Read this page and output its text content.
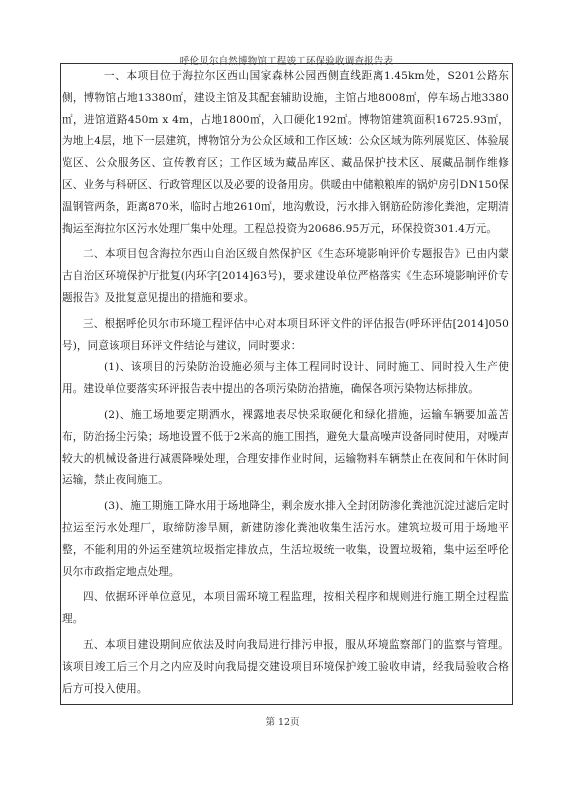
呼伦贝尔自然博物馆工程竣工环保验收调查报告表

一、本项目位于海拉尔区西山国家森林公园西侧直线距离1.45km处，S201公路东侧，博物馆占地13380㎡，建设主馆及其配套辅助设施，主馆占地8008㎡，停车场占地3380㎡，进馆道路450m x 4m，占地1800㎡，入口硬化192㎡。博物馆建筑面积16725.93㎡，为地上4层，地下一层建筑，博物馆分为公众区域和工作区域：公众区域为陈列展览区、体验展览区、公众服务区、宣传教育区；工作区域为藏品库区、藏品保护技术区、展藏品制作维修区、业务与科研区、行政管理区以及必要的设备用房。供暖由中储粮粮库的锅炉房引DN150保温钢管两条，距离870米，临时占地2610㎡，地沟敷设，污水排入钢筋砼防渗化粪池，定期清掏运至海拉尔区污水处理厂集中处理。工程总投资为20686.95万元，环保投资301.4万元。

二、本项目包含海拉尔西山自治区级自然保护区《生态环境影响评价专题报告》已由内蒙古自治区环境保护厅批复(内环字[2014]63号)，要求建设单位严格落实《生态环境影响评价专题报告》及批复意见提出的措施和要求。

三、根据呼伦贝尔市环境工程评估中心对本项目环评文件的评估报告(呼环评估[2014]050号)，同意该项目环评文件结论与建议，同时要求：

(1)、该项目的污染防治设施必须与主体工程同时设计、同时施工、同时投入生产使用。建设单位要落实环评报告表中提出的各项污染防治措施，确保各项污染物达标排放。

(2)、施工场地要定期洒水，裸露地表尽快采取硬化和绿化措施，运输车辆要加盖苫布，防治扬尘污染；场地设置不低于2米高的施工围挡，避免大量高噪声设备同时使用，对噪声较大的机械设备进行减震降噪处理，合理安排作业时间，运输物料车辆禁止在夜间和午休时间运输，禁止夜间施工。

(3)、施工期施工降水用于场地降尘，剩余废水排入全封闭防渗化粪池沉淀过滤后定时拉运至污水处理厂，取缔防渗旱厕，新建防渗化粪池收集生活污水。建筑垃圾可用于场地平整，不能利用的外运至建筑垃圾指定排放点，生活垃圾统一收集，设置垃圾箱，集中运至呼伦贝尔市政指定地点处理。

四、依据环评单位意见，本项目需环境工程监理，按相关程序和规则进行施工期全过程监理。

五、本项目建设期间应依法及时向我局进行排污申报，服从环境监察部门的监察与管理。该项目竣工后三个月之内应及时向我局提交建设项目环境保护竣工验收申请，经我局验收合格后方可投入使用。

第 12页
